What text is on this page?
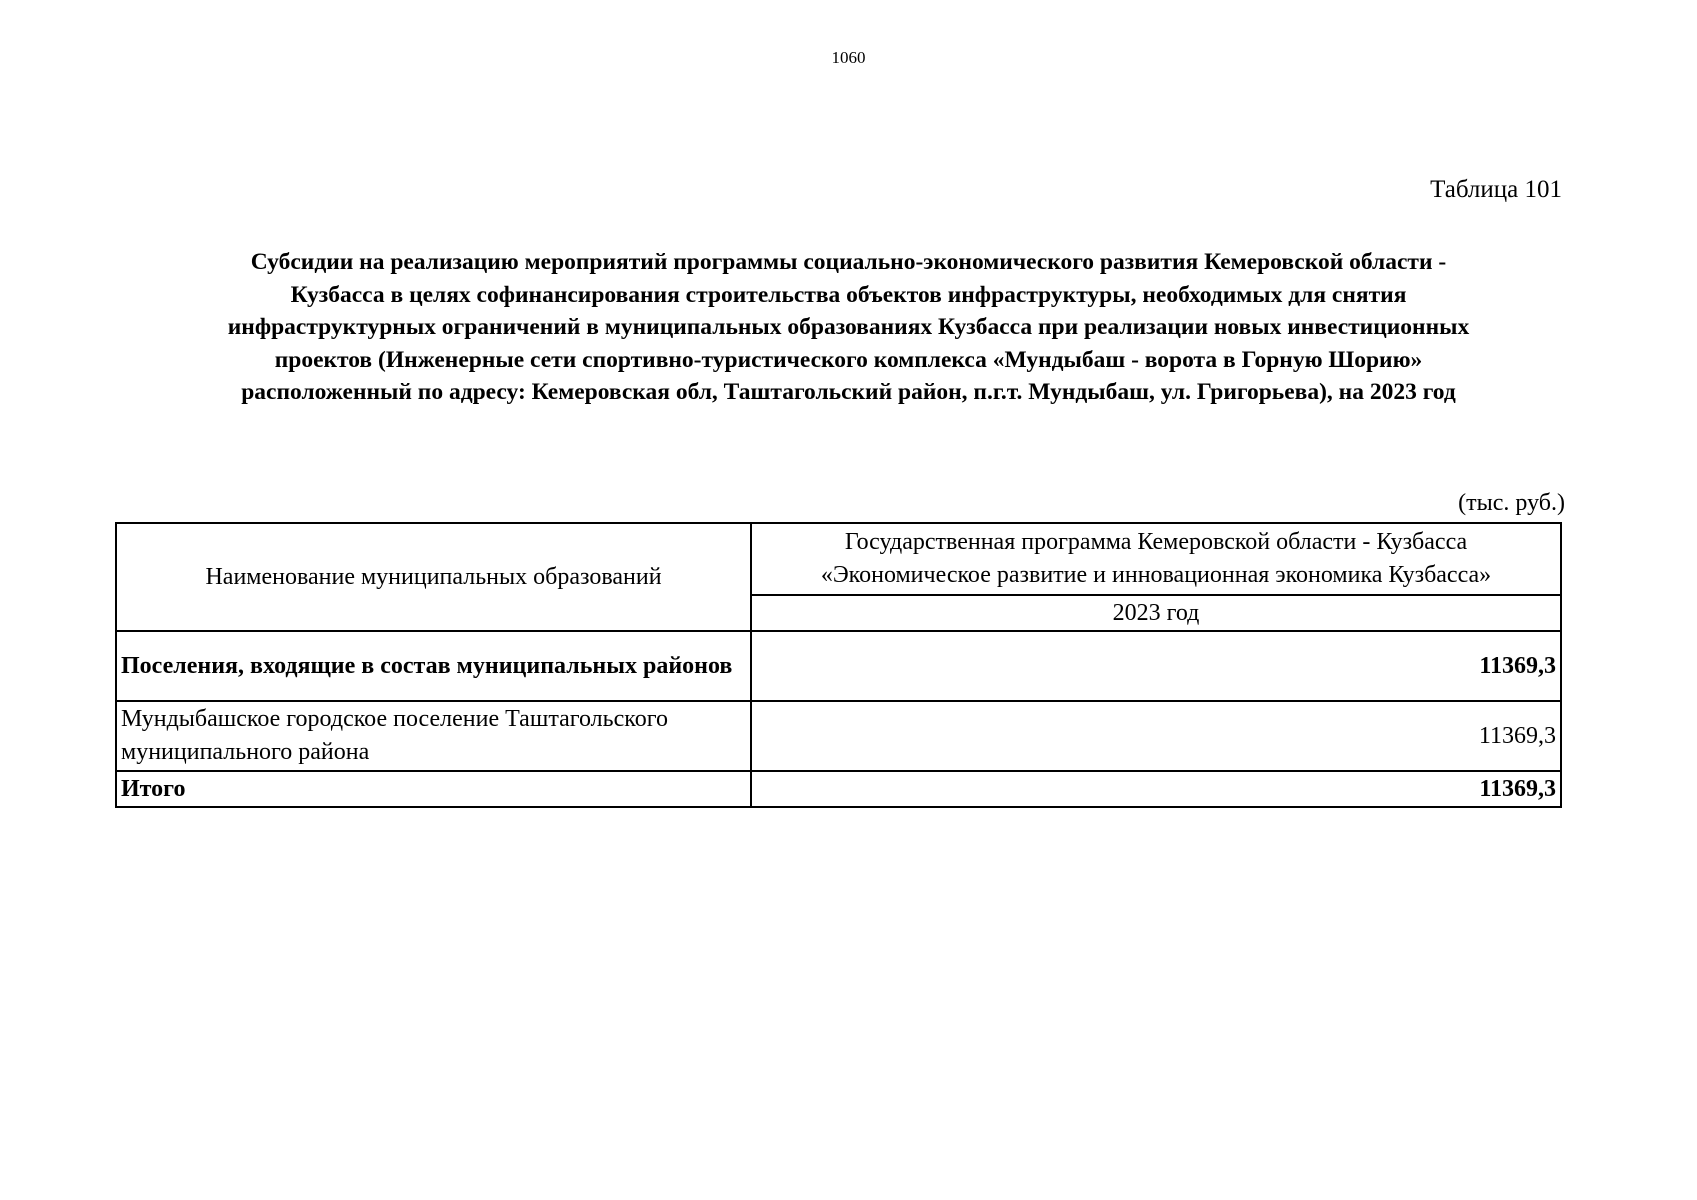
1060
Таблица 101
Субсидии на реализацию мероприятий программы социально-экономического развития Кемеровской области -
Кузбасса в целях софинансирования строительства объектов инфраструктуры, необходимых для снятия
инфраструктурных ограничений в муниципальных образованиях Кузбасса при реализации новых инвестиционных
проектов (Инженерные сети спортивно-туристического комплекса «Мундыбаш - ворота в Горную Шорию»
расположенный по адресу: Кемеровская обл, Таштагольский район, п.г.т. Мундыбаш, ул. Григорьева), на 2023 год
(тыс. руб.)
Наименование муниципальных образований	Государственная программа Кемеровской области - Кузбасса
«Экономическое развитие и инновационная экономика Кузбасса»
	2023 год
Поселения, входящие в состав муниципальных районов	11369,3
Мундыбашское городское поселение Таштагольского муниципального района	11369,3
Итого	11369,3
